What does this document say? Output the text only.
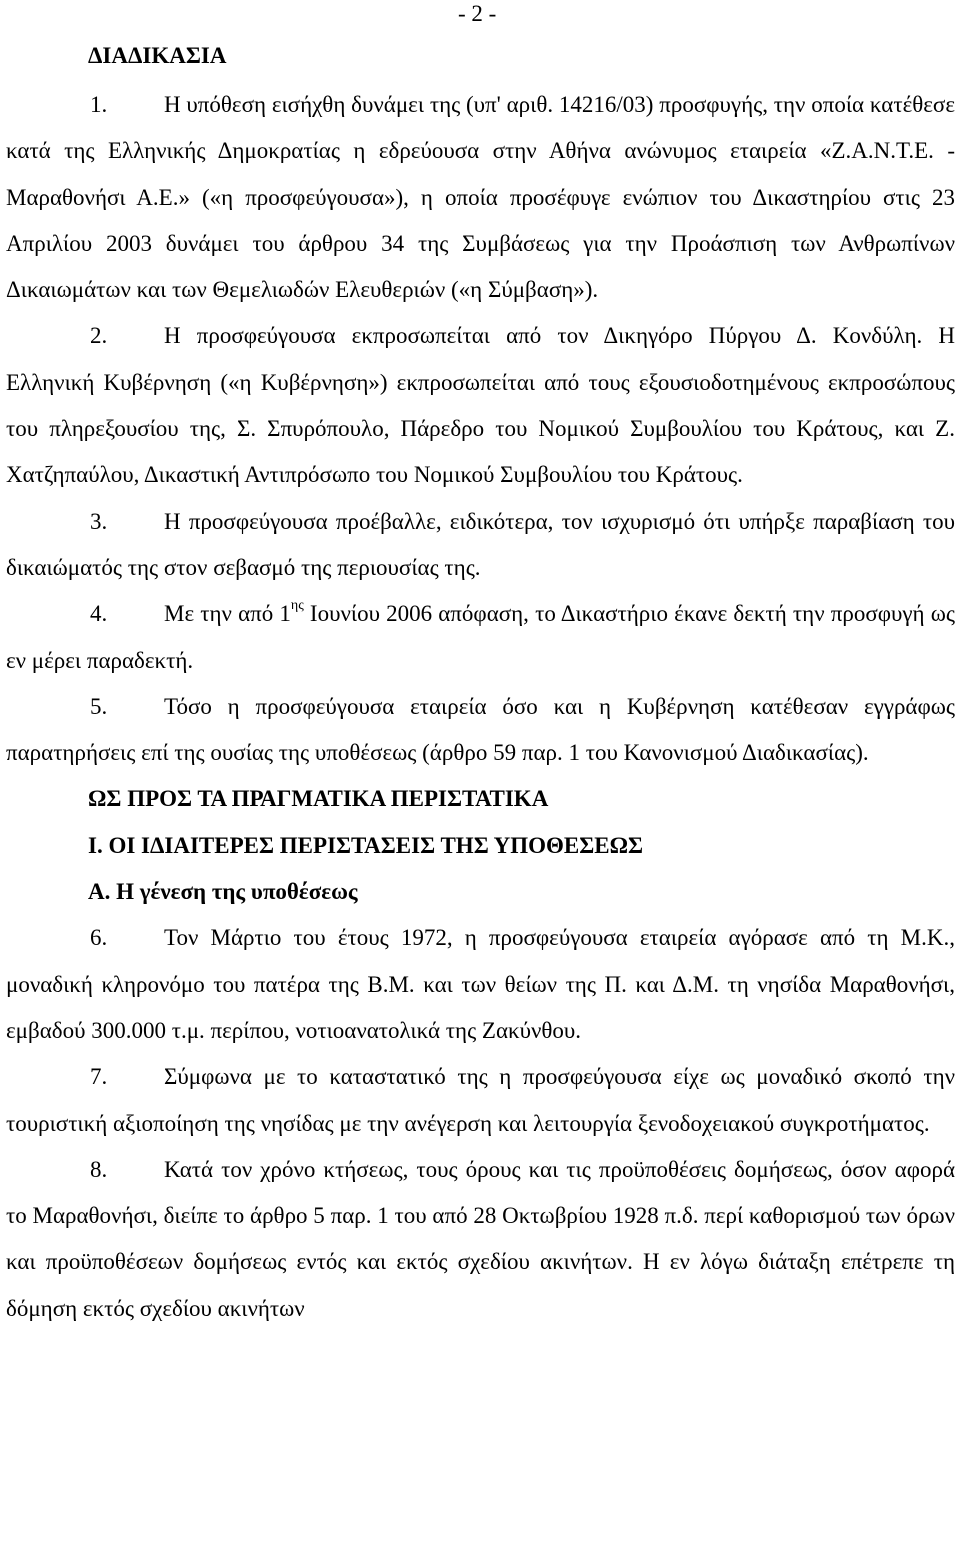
- 2 -
ΔΙΑΔΙΚΑΣΙΑ

1. Η υπόθεση εισήχθη δυνάμει της (υπ' αριθ. 14216/03) προσφυγής, την οποία κατέθεσε κατά της Ελληνικής Δημοκρατίας η εδρεύουσα στην Αθήνα ανώνυμος εταιρεία «Ζ.Α.Ν.Τ.Ε. - Μαραθονήσι Α.Ε.» («η προσφεύγουσα»), η οποία προσέφυγε ενώπιον του Δικαστηρίου στις 23 Απριλίου 2003 δυνάμει του άρθρου 34 της Συμβάσεως για την Προάσπιση των Ανθρωπίνων Δικαιωμάτων και των Θεμελιωδών Ελευθεριών («η Σύμβαση»).

2. Η προσφεύγουσα εκπροσωπείται από τον Δικηγόρο Πύργου Δ. Κονδύλη. Η Ελληνική Κυβέρνηση («η Κυβέρνηση») εκπροσωπείται από τους εξουσιοδοτημένους εκπροσώπους του πληρεξουσίου της, Σ. Σπυρόπουλο, Πάρεδρο του Νομικού Συμβουλίου του Κράτους, και Ζ. Χατζηπαύλου, Δικαστική Αντιπρόσωπο του Νομικού Συμβουλίου του Κράτους.

3. Η προσφεύγουσα προέβαλλε, ειδικότερα, τον ισχυρισμό ότι υπήρξε παραβίαση του δικαιώματός της στον σεβασμό της περιουσίας της.

4. Με την από $1^{\eta\varsigma}$ Ιουνίου 2006 απόφαση, το Δικαστήριο έκανε δεκτή την προσφυγή ως εν μέρει παραδεκτή.

5. Τόσο η προσφεύγουσα εταιρεία όσο και η Κυβέρνηση κατέθεσαν εγγράφως παρατηρήσεις επί της ουσίας της υποθέσεως (άρθρο 59 παρ. 1 του Κανονισμού Διαδικασίας).

ΩΣ ΠΡΟΣ ΤΑ ΠΡΑΓΜΑΤΙΚΑ ΠΕΡΙΣΤΑΤΙΚΑ

I. ΟΙ ΙΔΙΑΙΤΕΡΕΣ ΠΕΡΙΣΤΑΣΕΙΣ ΤΗΣ ΥΠΟΘΕΣΕΩΣ

Α. Η γένεση της υποθέσεως

6. Τον Μάρτιο του έτους 1972, η προσφεύγουσα εταιρεία αγόρασε από τη Μ.Κ., μοναδική κληρονόμο του πατέρα της Β.Μ. και των θείων της Π. και Δ.Μ. τη νησίδα Μαραθονήσι, εμβαδού 300.000 τ.μ. περίπου, νοτιοανατολικά της Ζακύνθου.

7. Σύμφωνα με το καταστατικό της η προσφεύγουσα είχε ως μοναδικό σκοπό την τουριστική αξιοποίηση της νησίδας με την ανέγερση και λειτουργία ξενοδοχειακού συγκροτήματος.

8. Κατά τον χρόνο κτήσεως, τους όρους και τις προϋποθέσεις δομήσεως, όσον αφορά το Μαραθονήσι, διείπε το άρθρο 5 παρ. 1 του από 28 Οκτωβρίου 1928 π.δ. περί καθορισμού των όρων και προϋποθέσεων δομήσεως εντός και εκτός σχεδίου ακινήτων. Η εν λόγω διάταξη επέτρεπε τη δόμηση εκτός σχεδίου ακινήτων
